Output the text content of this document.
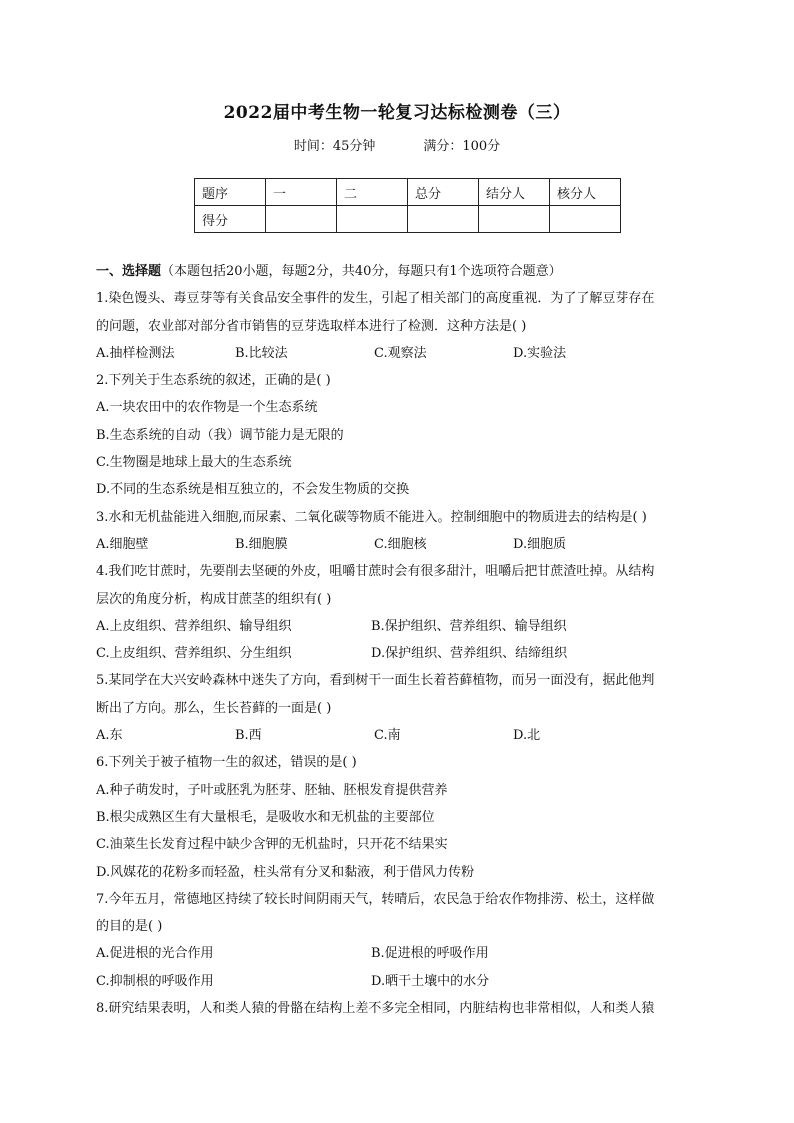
2022届中考生物一轮复习达标检测卷（三）
时间：45分钟	满分：100分
题序	一	二	总分	结分人	核分人
得分					
一、选择题（本题包括20小题，每题2分，共40分，每题只有1个选项符合题意）
1.染色馒头、毒豆芽等有关食品安全事件的发生，引起了相关部门的高度重视．为了了解豆芽存在
的问题，农业部对部分省市销售的豆芽选取样本进行了检测．这种方法是( )
A.抽样检测法	B.比较法	C.观察法	D.实验法
2.下列关于生态系统的叙述，正确的是( )
A.一块农田中的农作物是一个生态系统
B.生态系统的自动（我）调节能力是无限的
C.生物圈是地球上最大的生态系统
D.不同的生态系统是相互独立的，不会发生物质的交换
3.水和无机盐能进入细胞,而尿素、二氧化碳等物质不能进入。控制细胞中的物质进去的结构是( )
A.细胞壁	B.细胞膜	C.细胞核	D.细胞质
4.我们吃甘蔗时，先要削去坚硬的外皮，咀嚼甘蔗时会有很多甜汁，咀嚼后把甘蔗渣吐掉。从结构
层次的角度分析，构成甘蔗茎的组织有( )
A.上皮组织、营养组织、输导组织	B.保护组织、营养组织、输导组织
C.上皮组织、营养组织、分生组织	D.保护组织、营养组织、结缔组织
5.某同学在大兴安岭森林中迷失了方向，看到树干一面生长着苔藓植物，而另一面没有，据此他判
断出了方向。那么，生长苔藓的一面是( )
A.东	B.西	C.南	D.北
6.下列关于被子植物一生的叙述，错误的是( )
A.种子萌发时，子叶或胚乳为胚芽、胚轴、胚根发育提供营养
B.根尖成熟区生有大量根毛，是吸收水和无机盐的主要部位
C.油菜生长发育过程中缺少含钾的无机盐时，只开花不结果实
D.风媒花的花粉多而轻盈，柱头常有分叉和黏液，利于借风力传粉
7.今年五月，常德地区持续了较长时间阴雨天气，转晴后，农民急于给农作物排涝、松土，这样做
的目的是( )
A.促进根的光合作用	B.促进根的呼吸作用
C.抑制根的呼吸作用	D.晒干土壤中的水分
8.研究结果表明，人和类人猿的骨骼在结构上差不多完全相同，内脏结构也非常相似，人和类人猿
